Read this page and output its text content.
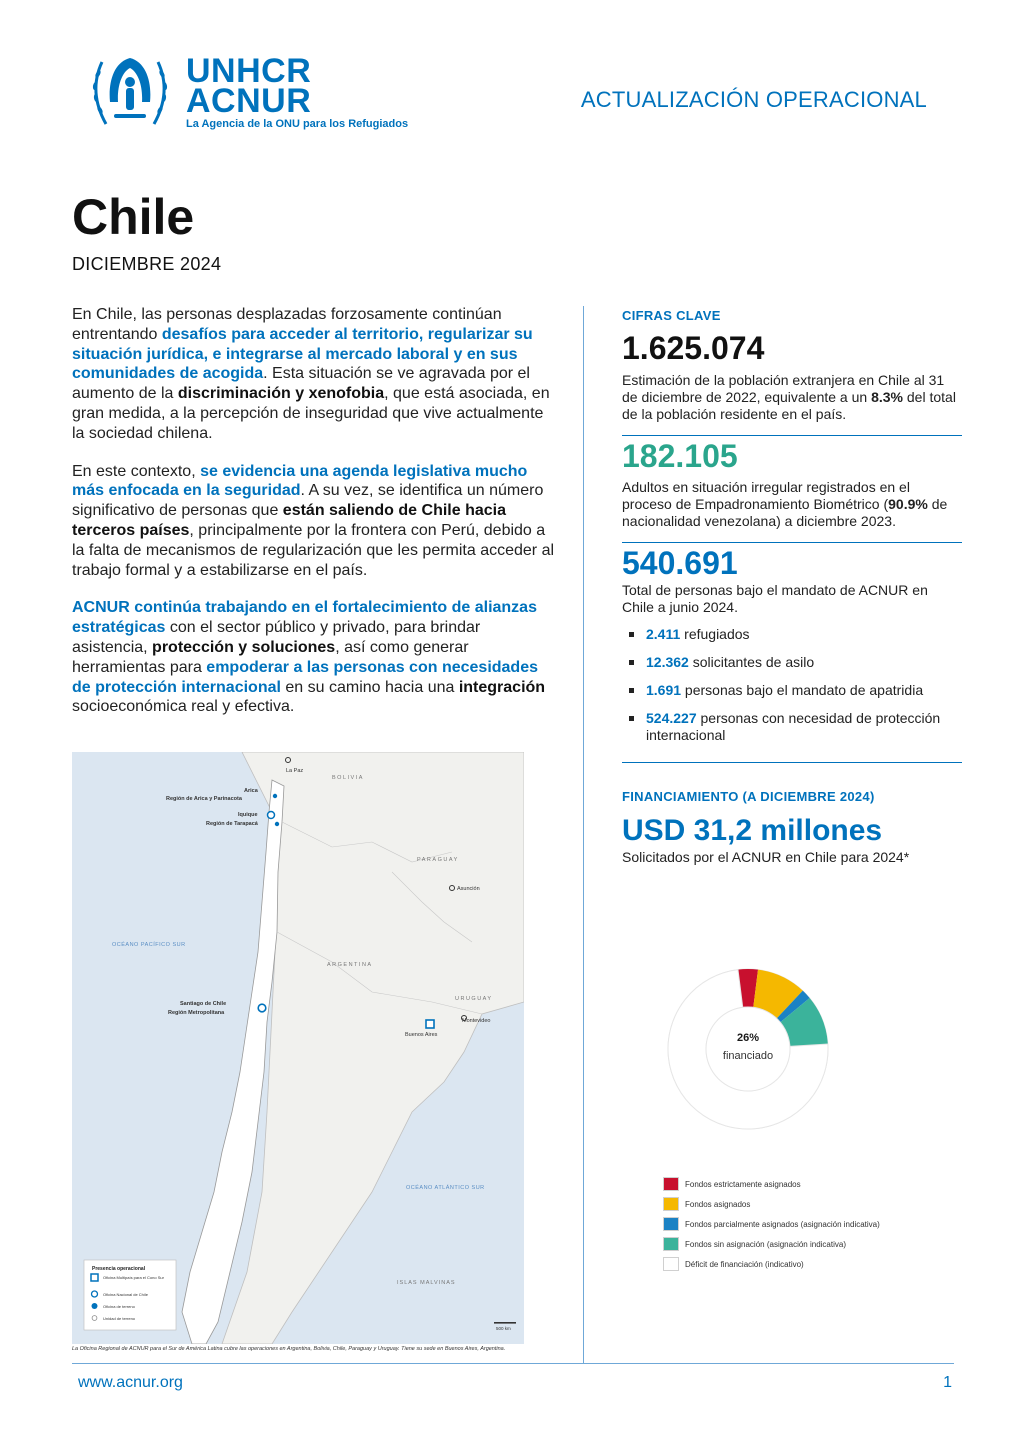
UNHCR
ACNUR
La Agencia de la ONU para los Refugiados
ACTUALIZACIÓN OPERACIONAL
Chile
DICIEMBRE 2024

En Chile, las personas desplazadas forzosamente continúan entrentando desafíos para acceder al territorio, regularizar su situación jurídica, e integrarse al mercado laboral y en sus comunidades de acogida. Esta situación se ve agravada por el aumento de la discriminación y xenofobia, que está asociada, en gran medida, a la percepción de inseguridad que vive actualmente la sociedad chilena.

En este contexto, se evidencia una agenda legislativa mucho más enfocada en la seguridad. A su vez, se identifica un número significativo de personas que están saliendo de Chile hacia terceros países, principalmente por la frontera con Perú, debido a la falta de mecanismos de regularización que les permita acceder al trabajo formal y a estabilizarse en el país.

ACNUR continúa trabajando en el fortalecimiento de alianzas estratégicas con el sector público y privado, para brindar asistencia, protección y soluciones, así como generar herramientas para empoderar a las personas con necesidades de protección internacional en su camino hacia una integración socioeconómica real y efectiva.

La Paz
BOLIVIA
Arica
Región de Arica y Parinacota
Iquique
Región de Tarapacá
PARAGUAY
Asunción
OCÉANO PACÍFICO SUR
ARGENTINA
URUGUAY
Santiago de Chile
Región Metropolitana
Montevideo
Buenos Aires
OCÉANO ATLÁNTICO SUR
ISLAS MALVINAS
500 km
Presencia operacional
Oficina Multipaís para el Cono Sur
Oficina Nacional de Chile
Oficina de terreno
Unidad de terreno
La Oficina Regional de ACNUR para el Sur de América Latina cubre las operaciones en Argentina, Bolivia, Chile, Paraguay y Uruguay. Tiene su sede en Buenos Aires, Argentina.
CIFRAS CLAVE
1.625.074
Estimación de la población extranjera en Chile al 31 de diciembre de 2022, equivalente a un 8.3% del total de la población residente en el país.
182.105
Adultos en situación irregular registrados en el proceso de Empadronamiento Biométrico (90.9% de nacionalidad venezolana) a diciembre 2023.
540.691
Total de personas bajo el mandato de ACNUR en Chile a junio 2024.
2.411 refugiados
12.362 solicitantes de asilo
1.691 personas bajo el mandato de apatridia
524.227 personas con necesidad de protección internacional
FINANCIAMIENTO (A DICIEMBRE 2024)
USD 31,2 millones
Solicitados por el ACNUR en Chile para 2024*
26%
financiado
Fondos estrictamente asignados
Fondos asignados
Fondos parcialmente asignados (asignación indicativa)
Fondos sin asignación (asignación indicativa)
Déficit de financiación (indicativo)
www.acnur.org	1
